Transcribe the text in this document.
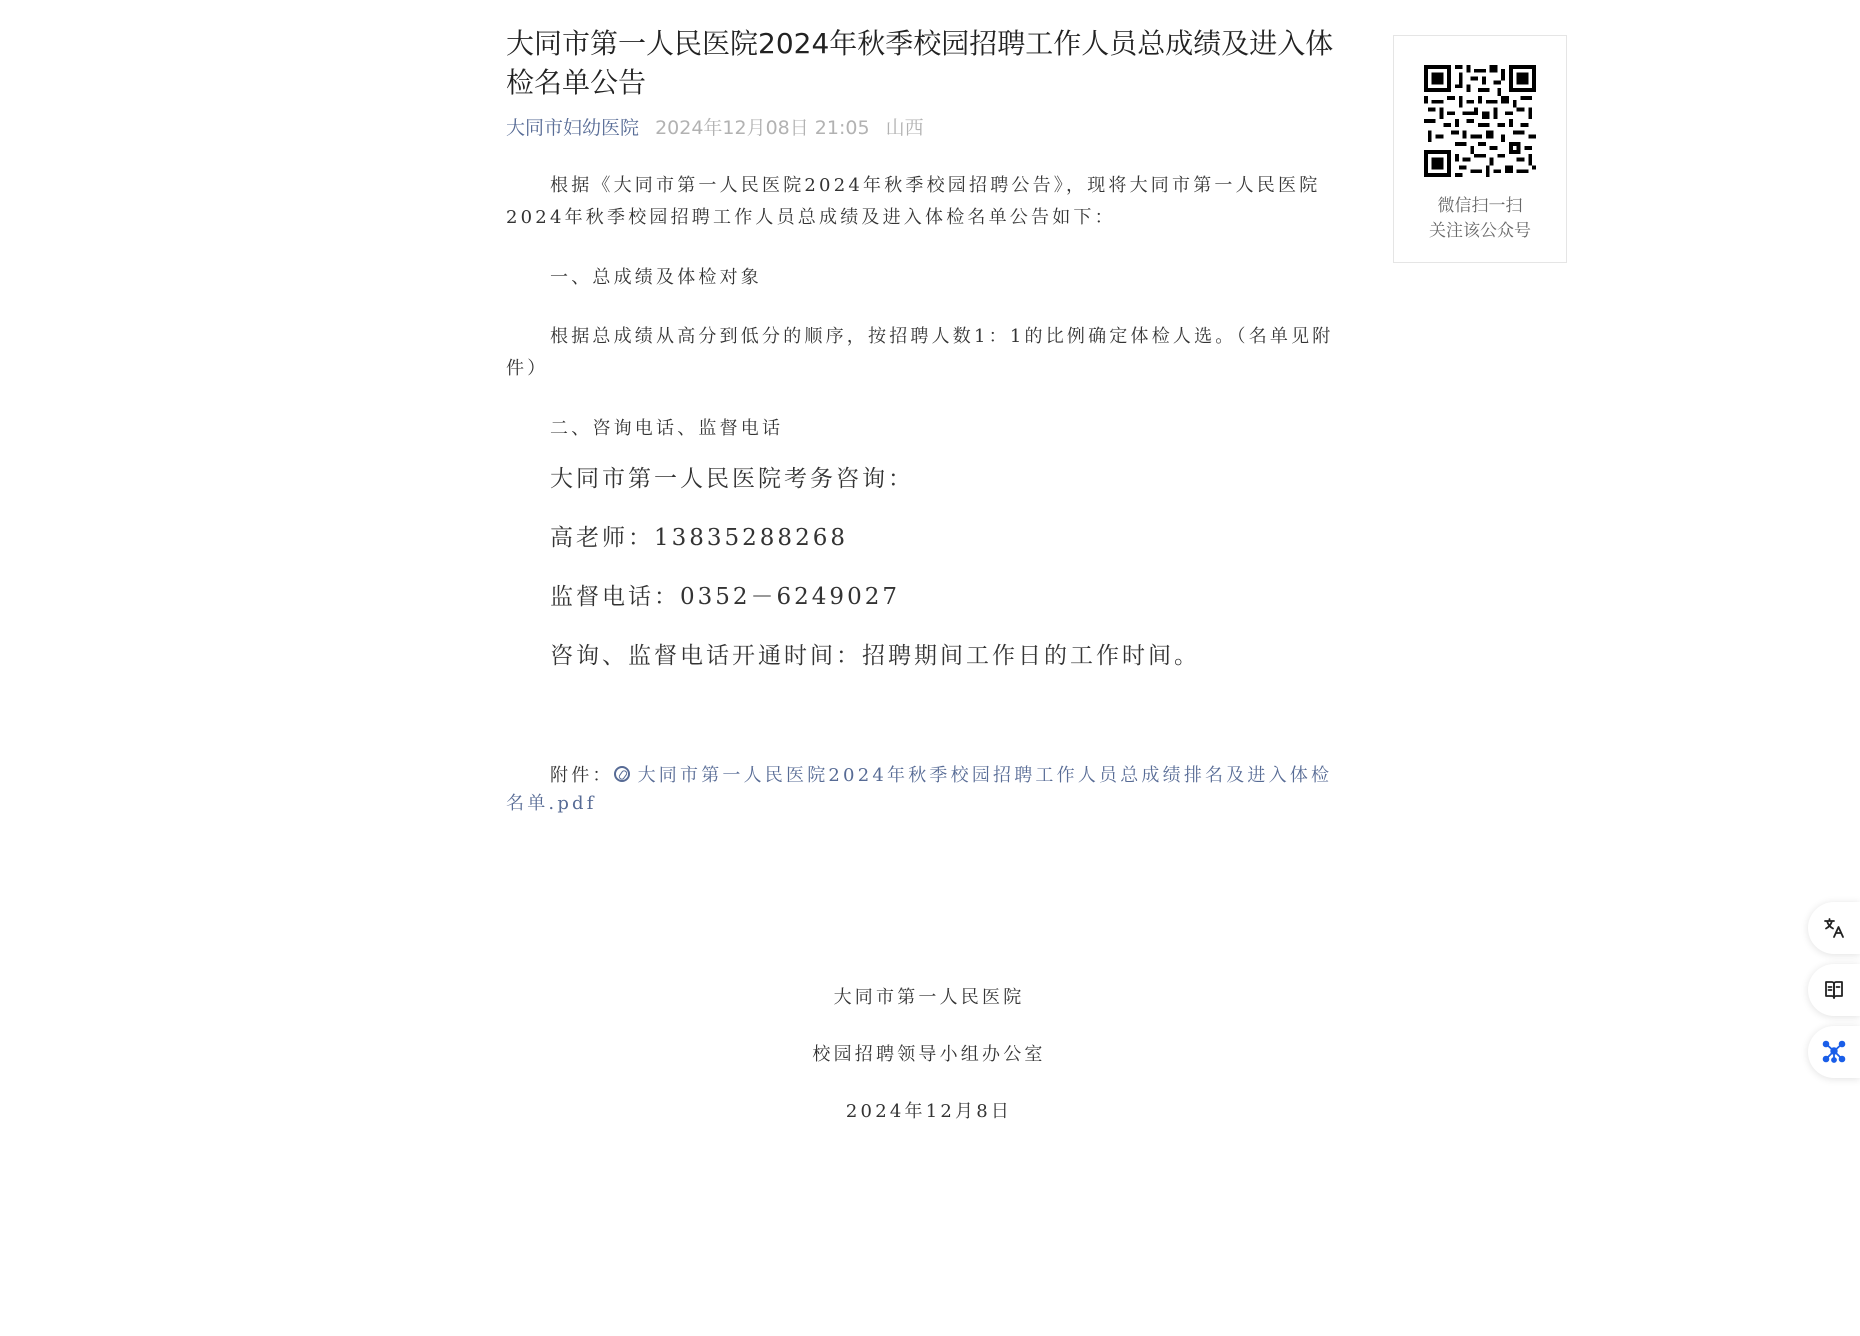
大同市第一人民医院2024年秋季校园招聘工作人员总成绩及进入体检名单公告
大同市妇幼医院 2024年12月08日 21:05 山西

根据《大同市第一人民医院2024年秋季校园招聘公告》，现将大同市第一人民医院2024年秋季校园招聘工作人员总成绩及进入体检名单公告如下：

一、总成绩及体检对象

根据总成绩从高分到低分的顺序，按招聘人数1：1的比例确定体检人选。（名单见附件）

二、咨询电话、监督电话

大同市第一人民医院考务咨询：

高老师：13835288268

监督电话：0352－6249027

咨询、监督电话开通时间：招聘期间工作日的工作时间。

附件： 大同市第一人民医院2024年秋季校园招聘工作人员总成绩排名及进入体检名单.pdf

大同市第一人民医院
校园招聘领导小组办公室
2024年12月8日
微信扫一扫
关注该公众号
